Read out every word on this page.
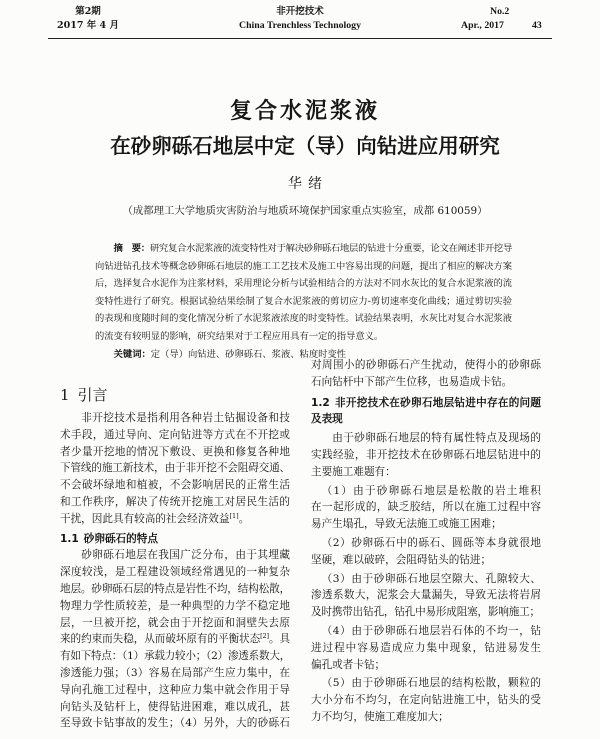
第2期
2017 年 4 月
非开挖技术
China Trenchless Technology
No.2
Apr., 2017	43
复合水泥浆液
在砂卵砾石地层中定（导）向钻进应用研究
华绪
（成都理工大学地质灾害防治与地质环境保护国家重点实验室，成都 610059）
摘　要：研究复合水泥浆液的流变特性对于解决砂卵砾石地层的钻进十分重要，论文在阐述非开挖导
向钻进钻孔技术等概念砂卵砾石地层的施工工艺技术及施工中容易出现的问题，提出了相应的解决方案
后，选择复合水泥作为注浆材料，采用理论分析与试验相结合的方法对不同水灰比的复合水泥浆液的流
变特性进行了研究。根据试验结果绘制了复合水泥浆液的剪切应力-剪切速率变化曲线；通过剪切实验
的表现和度随时间的变化情况分析了水泥浆液浓度的时变特性。试验结果表明，水灰比对复合水泥浆液
的流变有较明显的影响，研究结果对于工程应用具有一定的指导意义。
关键词：定（导）向钻进、砂卵砾石、浆液、粘度时变性
1 引言
非开挖技术是指利用各种岩土钻掘设备和技
术手段，通过导向、定向钻进等方式在不开挖或
者少量开挖地的情况下敷设、更换和修复各种地
下管线的施工新技术，由于非开挖不会阻碍交通、
不会破坏绿地和植被，不会影响居民的正常生活
和工作秩序，解决了传统开挖施工对居民生活的
干扰，因此具有较高的社会经济效益[1]。
1.1 砂卵砾石的特点
砂卵砾石地层在我国广泛分布，由于其埋藏
深度较浅，是工程建设领域经常遇见的一种复杂
地层。砂卵砾石层的特点是岩性不均，结构松散，
物理力学性质较差，是一种典型的力学不稳定地
层，一旦被开挖，就会由于开挖面和洞壁失去原
来的约束而失稳，从而破坏原有的平衡状态[2]。具
有如下特点：（1）承载力较小；（2）渗透系数大，
渗透能力强；（3）容易在局部产生应力集中，在
导向孔施工过程中，这种应力集中就会作用于导
向钻头及钻杆上，使得钻进困难，难以成孔，甚
至导致卡钻事故的发生；（4）另外，大的砂砾石
对周围小的砂卵砾石产生扰动，使得小的砂卵砾
石向钻杆中下部产生位移，也易造成卡钻。
1.2 非开挖技术在砂卵石地层钻进中存在的问题
及表现
由于砂卵砾石地层的特有属性特点及现场的
实践经验，非开挖技术在砂卵砾石地层钻进中的
主要施工难题有：
（1）由于砂卵砾石地层是松散的岩土堆积
在一起形成的，缺乏胶结，所以在施工过程中容
易产生塌孔，导致无法施工或施工困难；
（2）砂卵砾石中的砾石、圆砾等本身就很地
坚硬，难以破碎，会阻碍钻头的钻进；
（3）由于砂卵砾石地层空隙大、孔隙较大、
渗透系数大，泥浆会大量漏失，导致无法将岩屑
及时携带出钻孔，钻孔中易形成阻塞，影响施工；
（4）由于砂卵砾石地层岩石体的不均一，钻
进过程中容易造成应力集中现象，钻进易发生
偏孔或者卡钻；
（5）由于砂卵砾石地层的结构松散，颗粒的
大小分布不均匀，在定向钻进施工中，钻头的受
力不均匀，使施工难度加大；
